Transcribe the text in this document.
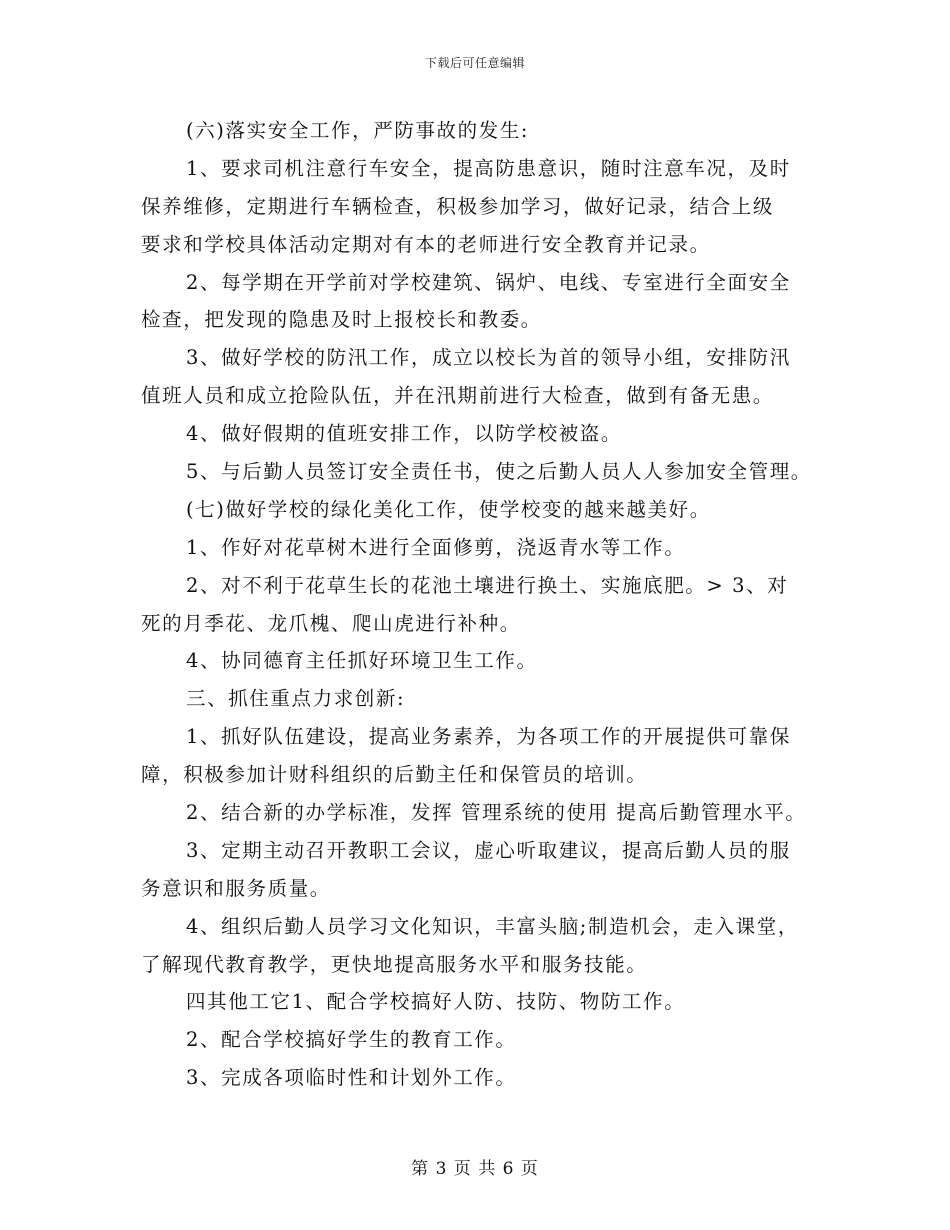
下载后可任意编辑
(六)落实安全工作，严防事故的发生:
1、要求司机注意行车安全，提高防患意识，随时注意车况，及时
保养维修，定期进行车辆检查，积极参加学习，做好记录，结合上级
要求和学校具体活动定期对有本的老师进行安全教育并记录。
2、每学期在开学前对学校建筑、锅炉、电线、专室进行全面安全
检查，把发现的隐患及时上报校长和教委。
3、做好学校的防汛工作，成立以校长为首的领导小组，安排防汛
值班人员和成立抢险队伍，并在汛期前进行大检查，做到有备无患。
4、做好假期的值班安排工作，以防学校被盗。
5、与后勤人员签订安全责任书，使之后勤人员人人参加安全管理。
(七)做好学校的绿化美化工作，使学校变的越来越美好。
1、作好对花草树木进行全面修剪，浇返青水等工作。
2、对不利于花草生长的花池土壤进行换土、实施底肥。> 3、对
死的月季花、龙爪槐、爬山虎进行补种。
4、协同德育主任抓好环境卫生工作。
三、抓住重点力求创新:
1、抓好队伍建设，提高业务素养，为各项工作的开展提供可靠保
障，积极参加计财科组织的后勤主任和保管员的培训。
2、结合新的办学标准，发挥 管理系统的使用 提高后勤管理水平。
3、定期主动召开教职工会议，虚心听取建议，提高后勤人员的服
务意识和服务质量。
4、组织后勤人员学习文化知识，丰富头脑;制造机会，走入课堂，
了解现代教育教学，更快地提高服务水平和服务技能。
四其他工它1、配合学校搞好人防、技防、物防工作。
2、配合学校搞好学生的教育工作。
3、完成各项临时性和计划外工作。
第 3 页 共 6 页
